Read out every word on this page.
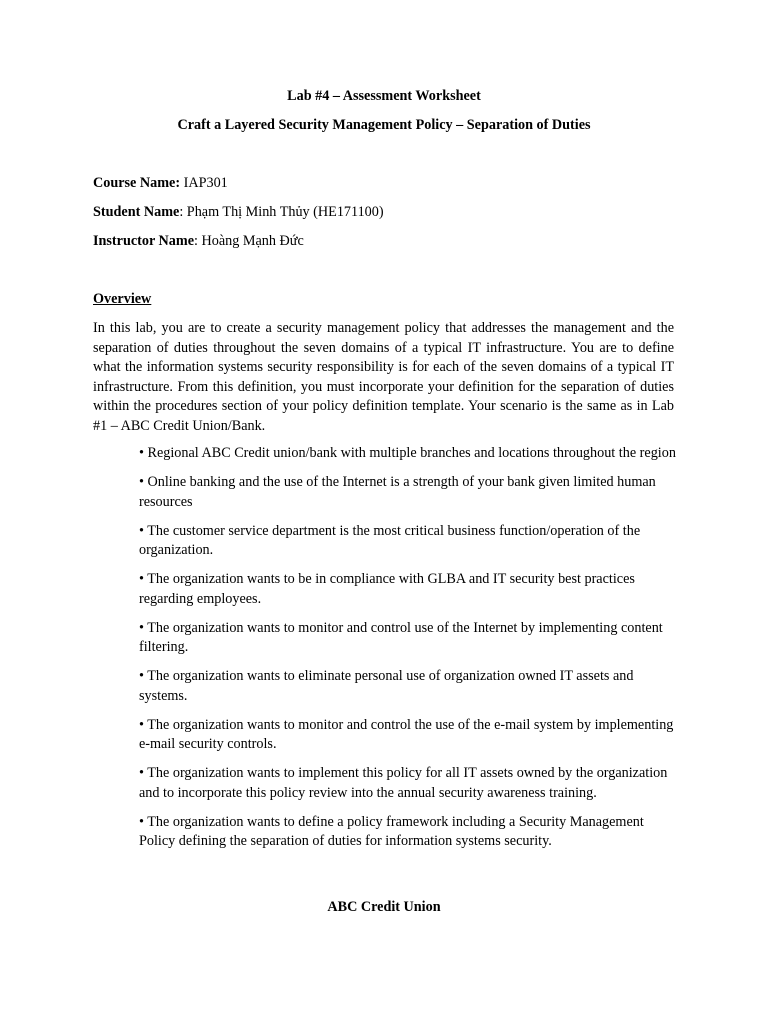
Lab #4 – Assessment Worksheet

Craft a Layered Security Management Policy – Separation of Duties

Course Name: IAP301

Student Name: Phạm Thị Minh Thủy (HE171100)

Instructor Name: Hoàng Mạnh Đức

Overview

In this lab, you are to create a security management policy that addresses the management and the separation of duties throughout the seven domains of a typical IT infrastructure. You are to define what the information systems security responsibility is for each of the seven domains of a typical IT infrastructure. From this definition, you must incorporate your definition for the separation of duties within the procedures section of your policy definition template. Your scenario is the same as in Lab #1 – ABC Credit Union/Bank.

• Regional ABC Credit union/bank with multiple branches and locations throughout the region
• Online banking and the use of the Internet is a strength of your bank given limited human resources
• The customer service department is the most critical business function/operation of the organization.
• The organization wants to be in compliance with GLBA and IT security best practices regarding employees.
• The organization wants to monitor and control use of the Internet by implementing content filtering.
• The organization wants to eliminate personal use of organization owned IT assets and systems.
• The organization wants to monitor and control the use of the e-mail system by implementing e-mail security controls.
• The organization wants to implement this policy for all IT assets owned by the organization and to incorporate this policy review into the annual security awareness training.
• The organization wants to define a policy framework including a Security Management Policy defining the separation of duties for information systems security.

ABC Credit Union
